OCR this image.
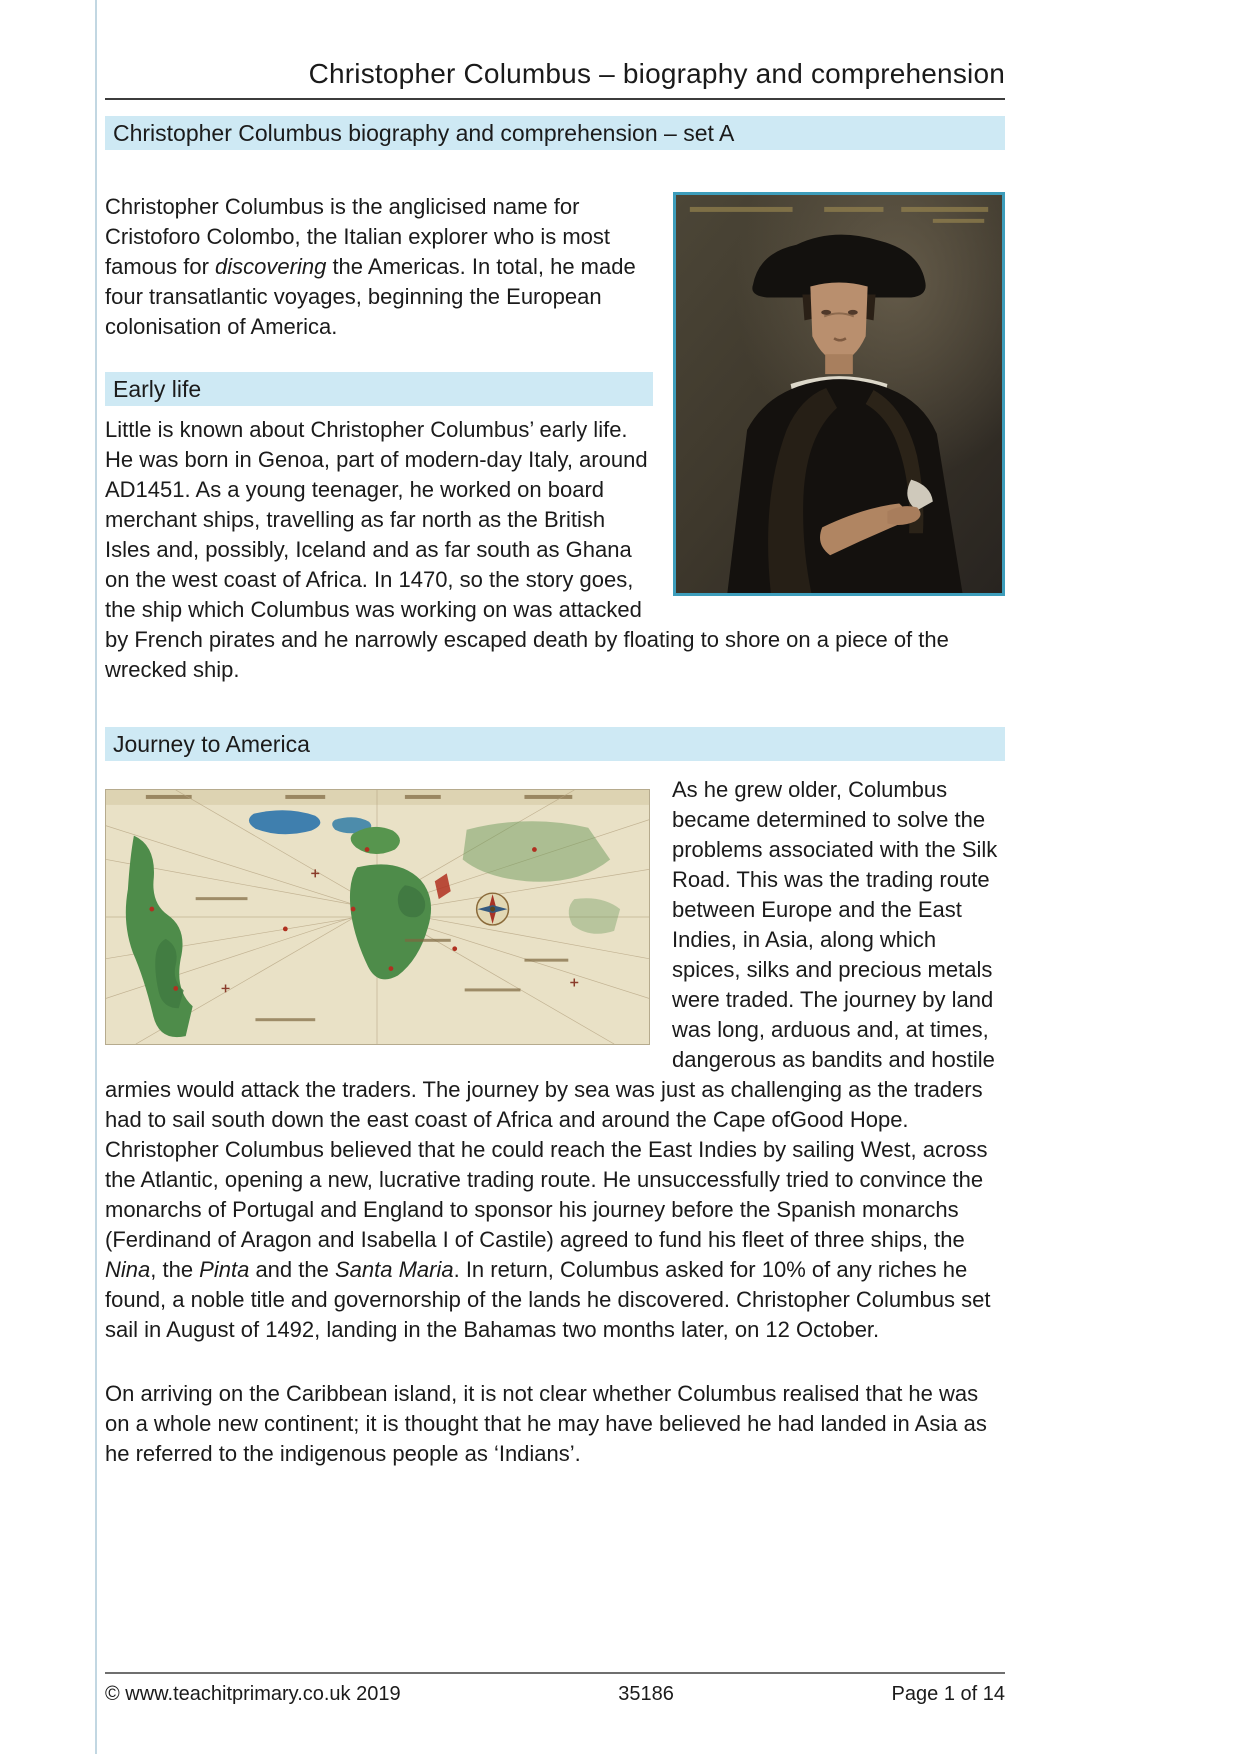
Christopher Columbus – biography and comprehension
Christopher Columbus biography and comprehension – set A

Christopher Columbus is the anglicised name for Cristoforo Colombo, the Italian explorer who is most famous for discovering the Americas. In total, he made four transatlantic voyages, beginning the European colonisation of America.

Early life

Little is known about Christopher Columbus’ early life. He was born in Genoa, part of modern-day Italy, around AD1451. As a young teenager, he worked on board merchant ships, travelling as far north as the British Isles and, possibly, Iceland and as far south as Ghana on the west coast of Africa. In 1470, so the story goes, the ship which Columbus was working on was attacked by French pirates and he narrowly escaped death by floating to shore on a piece of the wrecked ship.

Journey to America

As he grew older, Columbus became determined to solve the problems associated with the Silk Road. This was the trading route between Europe and the East Indies, in Asia, along which spices, silks and precious metals were traded. The journey by land was long, arduous and, at times, dangerous as bandits and hostile armies would attack the traders. The journey by sea was just as challenging as the traders had to sail south down the east coast of Africa and around the Cape ofGood Hope. Christopher Columbus believed that he could reach the East Indies by sailing West, across the Atlantic, opening a new, lucrative trading route. He unsuccessfully tried to convince the monarchs of Portugal and England to sponsor his journey before the Spanish monarchs (Ferdinand of Aragon and Isabella I of Castile) agreed to fund his fleet of three ships, the Nina, the Pinta and the Santa Maria. In return, Columbus asked for 10% of any riches he found, a noble title and governorship of the lands he discovered. Christopher Columbus set sail in August of 1492, landing in the Bahamas two months later, on 12 October.

On arriving on the Caribbean island, it is not clear whether Columbus realised that he was on a whole new continent; it is thought that he may have believed he had landed in Asia as he referred to the indigenous people as ‘Indians’.

© www.teachitprimary.co.uk 2019	35186	Page 1 of 14
